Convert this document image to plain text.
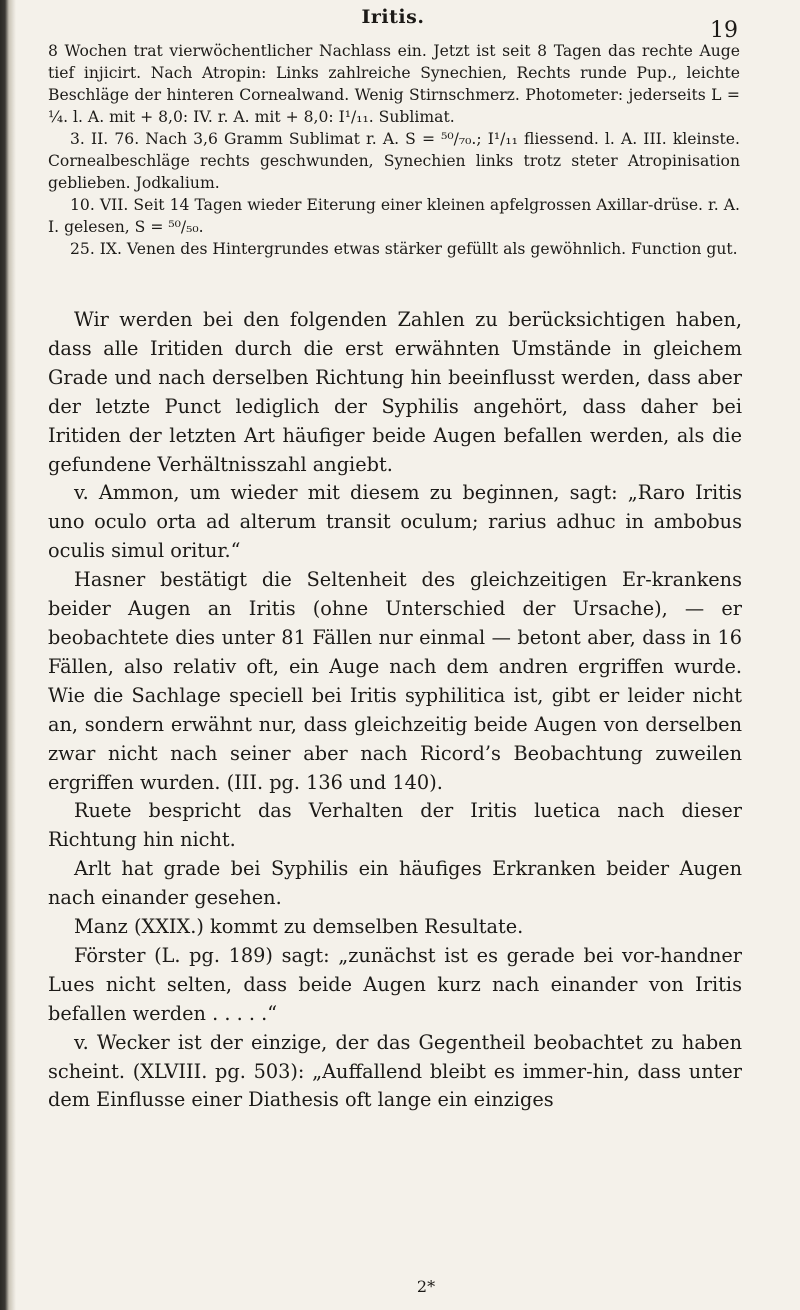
Iritis.
19

8 Wochen trat vierwöchentlicher Nachlass ein. Jetzt ist seit 8 Tagen das rechte Auge tief injicirt. Nach Atropin: Links zahlreiche Synechien, Rechts runde Pup., leichte Beschläge der hinteren Cornealwand. Wenig Stirnschmerz. Photometer: jederseits L = ¼. l. A. mit + 8,0: IV. r. A. mit + 8,0: I¹/₁₁. Sublimat.

3. II. 76. Nach 3,6 Gramm Sublimat r. A. S = ⁵⁰/₇₀.; I¹/₁₁ fliessend. l. A. III. kleinste. Cornealbeschläge rechts geschwunden, Synechien links trotz steter Atropinisation geblieben. Jodkalium.

10. VII. Seit 14 Tagen wieder Eiterung einer kleinen apfelgrossen Axillar-drüse. r. A. I. gelesen, S = ⁵⁰/₅₀.

25. IX. Venen des Hintergrundes etwas stärker gefüllt als gewöhnlich. Function gut.

Wir werden bei den folgenden Zahlen zu berücksichtigen haben, dass alle Iritiden durch die erst erwähnten Umstände in gleichem Grade und nach derselben Richtung hin beeinflusst werden, dass aber der letzte Punct lediglich der Syphilis angehört, dass daher bei Iritiden der letzten Art häufiger beide Augen befallen werden, als die gefundene Verhältnisszahl angiebt.

v. Ammon, um wieder mit diesem zu beginnen, sagt: „Raro Iritis uno oculo orta ad alterum transit oculum; rarius adhuc in ambobus oculis simul oritur.“

Hasner bestätigt die Seltenheit des gleichzeitigen Er-krankens beider Augen an Iritis (ohne Unterschied der Ursache), — er beobachtete dies unter 81 Fällen nur einmal — betont aber, dass in 16 Fällen, also relativ oft, ein Auge nach dem andren ergriffen wurde. Wie die Sachlage speciell bei Iritis syphilitica ist, gibt er leider nicht an, sondern erwähnt nur, dass gleichzeitig beide Augen von derselben zwar nicht nach seiner aber nach Ricord’s Beobachtung zuweilen ergriffen wurden. (III. pg. 136 und 140).

Ruete bespricht das Verhalten der Iritis luetica nach dieser Richtung hin nicht.

Arlt hat grade bei Syphilis ein häufiges Erkranken beider Augen nach einander gesehen.

Manz (XXIX.) kommt zu demselben Resultate.

Förster (L. pg. 189) sagt: „zunächst ist es gerade bei vor-handner Lues nicht selten, dass beide Augen kurz nach einander von Iritis befallen werden . . . . .“

v. Wecker ist der einzige, der das Gegentheil beobachtet zu haben scheint. (XLVIII. pg. 503): „Auffallend bleibt es immer-hin, dass unter dem Einflusse einer Diathesis oft lange ein einziges

2*
